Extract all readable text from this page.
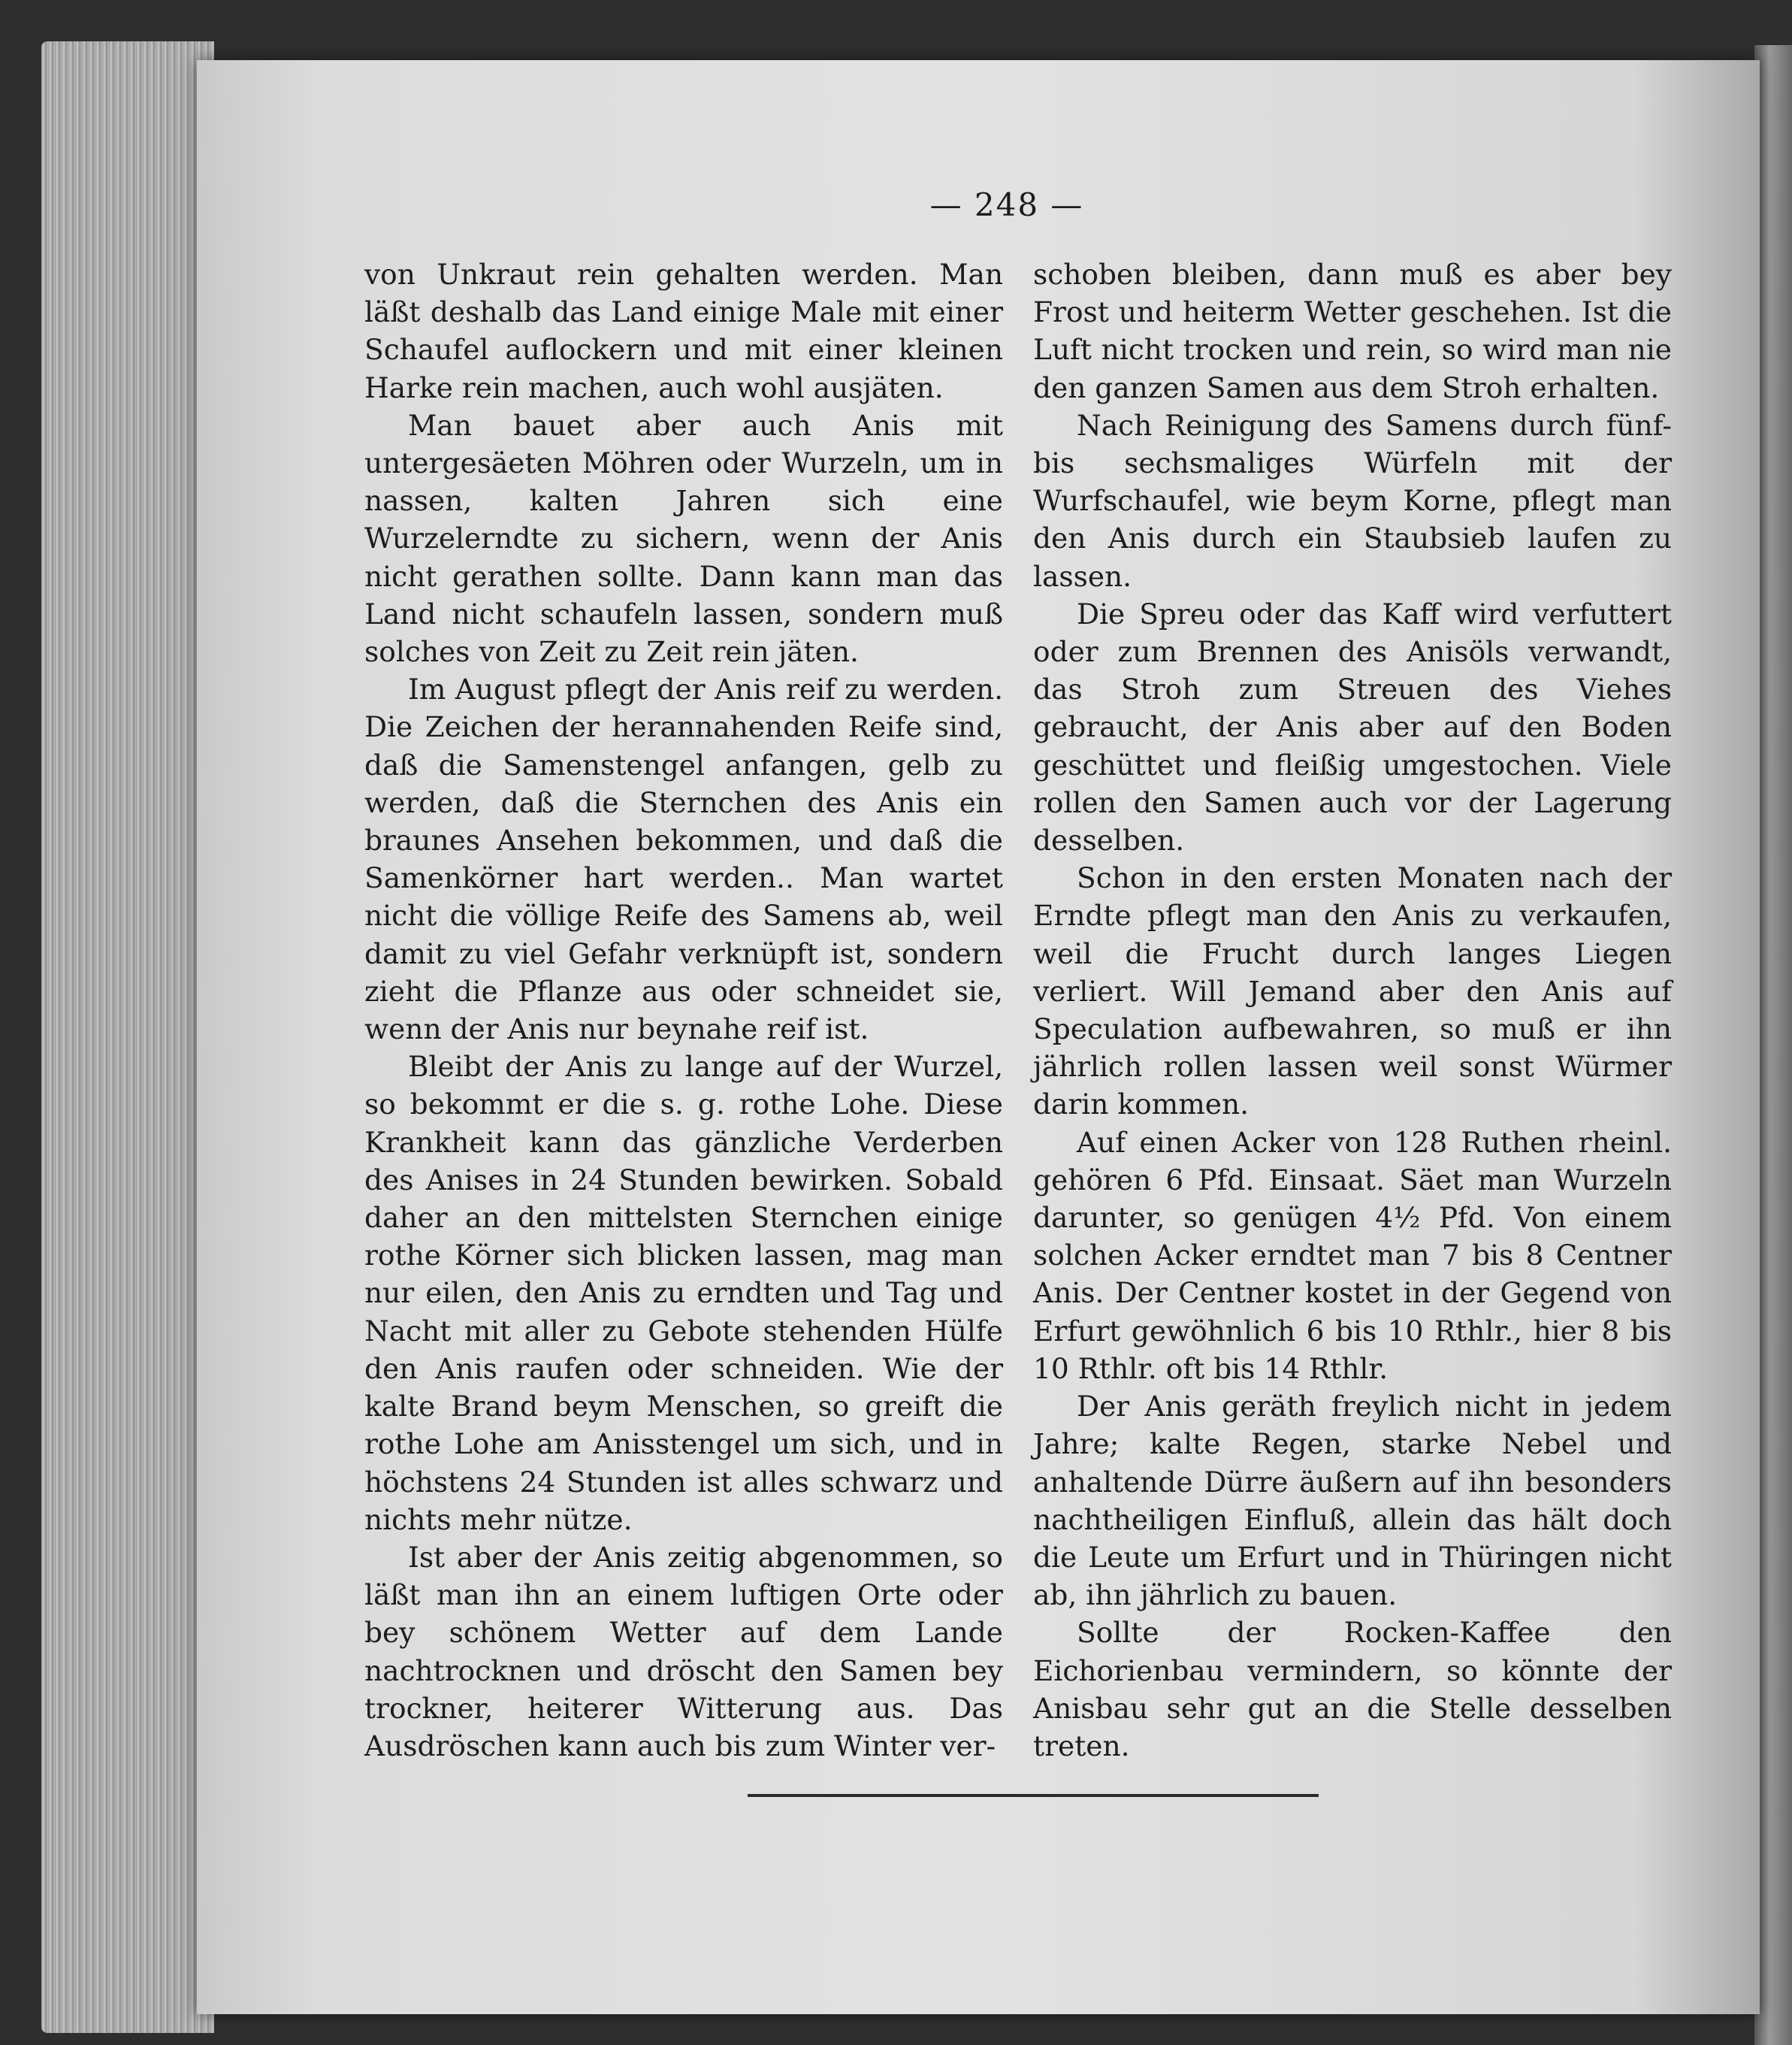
— 248 —

von Unkraut rein gehalten werden. Man läßt deshalb das Land einige Male mit einer Schaufel auflockern und mit einer kleinen Harke rein machen, auch wohl ausjäten.

Man bauet aber auch Anis mit untergesäeten Möhren oder Wurzeln, um in nassen, kalten Jahren sich eine Wurzelerndte zu sichern, wenn der Anis nicht gerathen sollte. Dann kann man das Land nicht schaufeln lassen, sondern muß solches von Zeit zu Zeit rein jäten.

Im August pflegt der Anis reif zu werden. Die Zeichen der herannahenden Reife sind, daß die Samenstengel anfangen, gelb zu werden, daß die Sternchen des Anis ein braunes Ansehen bekommen, und daß die Samenkörner hart werden.. Man wartet nicht die völlige Reife des Samens ab, weil damit zu viel Gefahr verknüpft ist, sondern zieht die Pflanze aus oder schneidet sie, wenn der Anis nur beynahe reif ist.

Bleibt der Anis zu lange auf der Wurzel, so bekommt er die s. g. rothe Lohe. Diese Krankheit kann das gänzliche Verderben des Anises in 24 Stunden bewirken. Sobald daher an den mittelsten Sternchen einige rothe Körner sich blicken lassen, mag man nur eilen, den Anis zu erndten und Tag und Nacht mit aller zu Gebote stehenden Hülfe den Anis raufen oder schneiden. Wie der kalte Brand beym Menschen, so greift die rothe Lohe am Anisstengel um sich, und in höchstens 24 Stunden ist alles schwarz und nichts mehr nütze.

Ist aber der Anis zeitig abgenommen, so läßt man ihn an einem luftigen Orte oder bey schönem Wetter auf dem Lande nachtrocknen und dröscht den Samen bey trockner, heiterer Witterung aus. Das Ausdröschen kann auch bis zum Winter ver-

schoben bleiben, dann muß es aber bey Frost und heiterm Wetter geschehen. Ist die Luft nicht trocken und rein, so wird man nie den ganzen Samen aus dem Stroh erhalten.

Nach Reinigung des Samens durch fünf- bis sechsmaliges Würfeln mit der Wurfschaufel, wie beym Korne, pflegt man den Anis durch ein Staubsieb laufen zu lassen.

Die Spreu oder das Kaff wird verfuttert oder zum Brennen des Anisöls verwandt, das Stroh zum Streuen des Viehes gebraucht, der Anis aber auf den Boden geschüttet und fleißig umgestochen. Viele rollen den Samen auch vor der Lagerung desselben.

Schon in den ersten Monaten nach der Erndte pflegt man den Anis zu verkaufen, weil die Frucht durch langes Liegen verliert. Will Jemand aber den Anis auf Speculation aufbewahren, so muß er ihn jährlich rollen lassen weil sonst Würmer darin kommen.

Auf einen Acker von 128 Ruthen rheinl. gehören 6 Pfd. Einsaat. Säet man Wurzeln darunter, so genügen 4½ Pfd. Von einem solchen Acker erndtet man 7 bis 8 Centner Anis. Der Centner kostet in der Gegend von Erfurt gewöhnlich 6 bis 10 Rthlr., hier 8 bis 10 Rthlr. oft bis 14 Rthlr.

Der Anis geräth freylich nicht in jedem Jahre; kalte Regen, starke Nebel und anhaltende Dürre äußern auf ihn besonders nachtheiligen Einfluß, allein das hält doch die Leute um Erfurt und in Thüringen nicht ab, ihn jährlich zu bauen.

Sollte der Rocken-Kaffee den Eichorienbau vermindern, so könnte der Anisbau sehr gut an die Stelle desselben treten.
